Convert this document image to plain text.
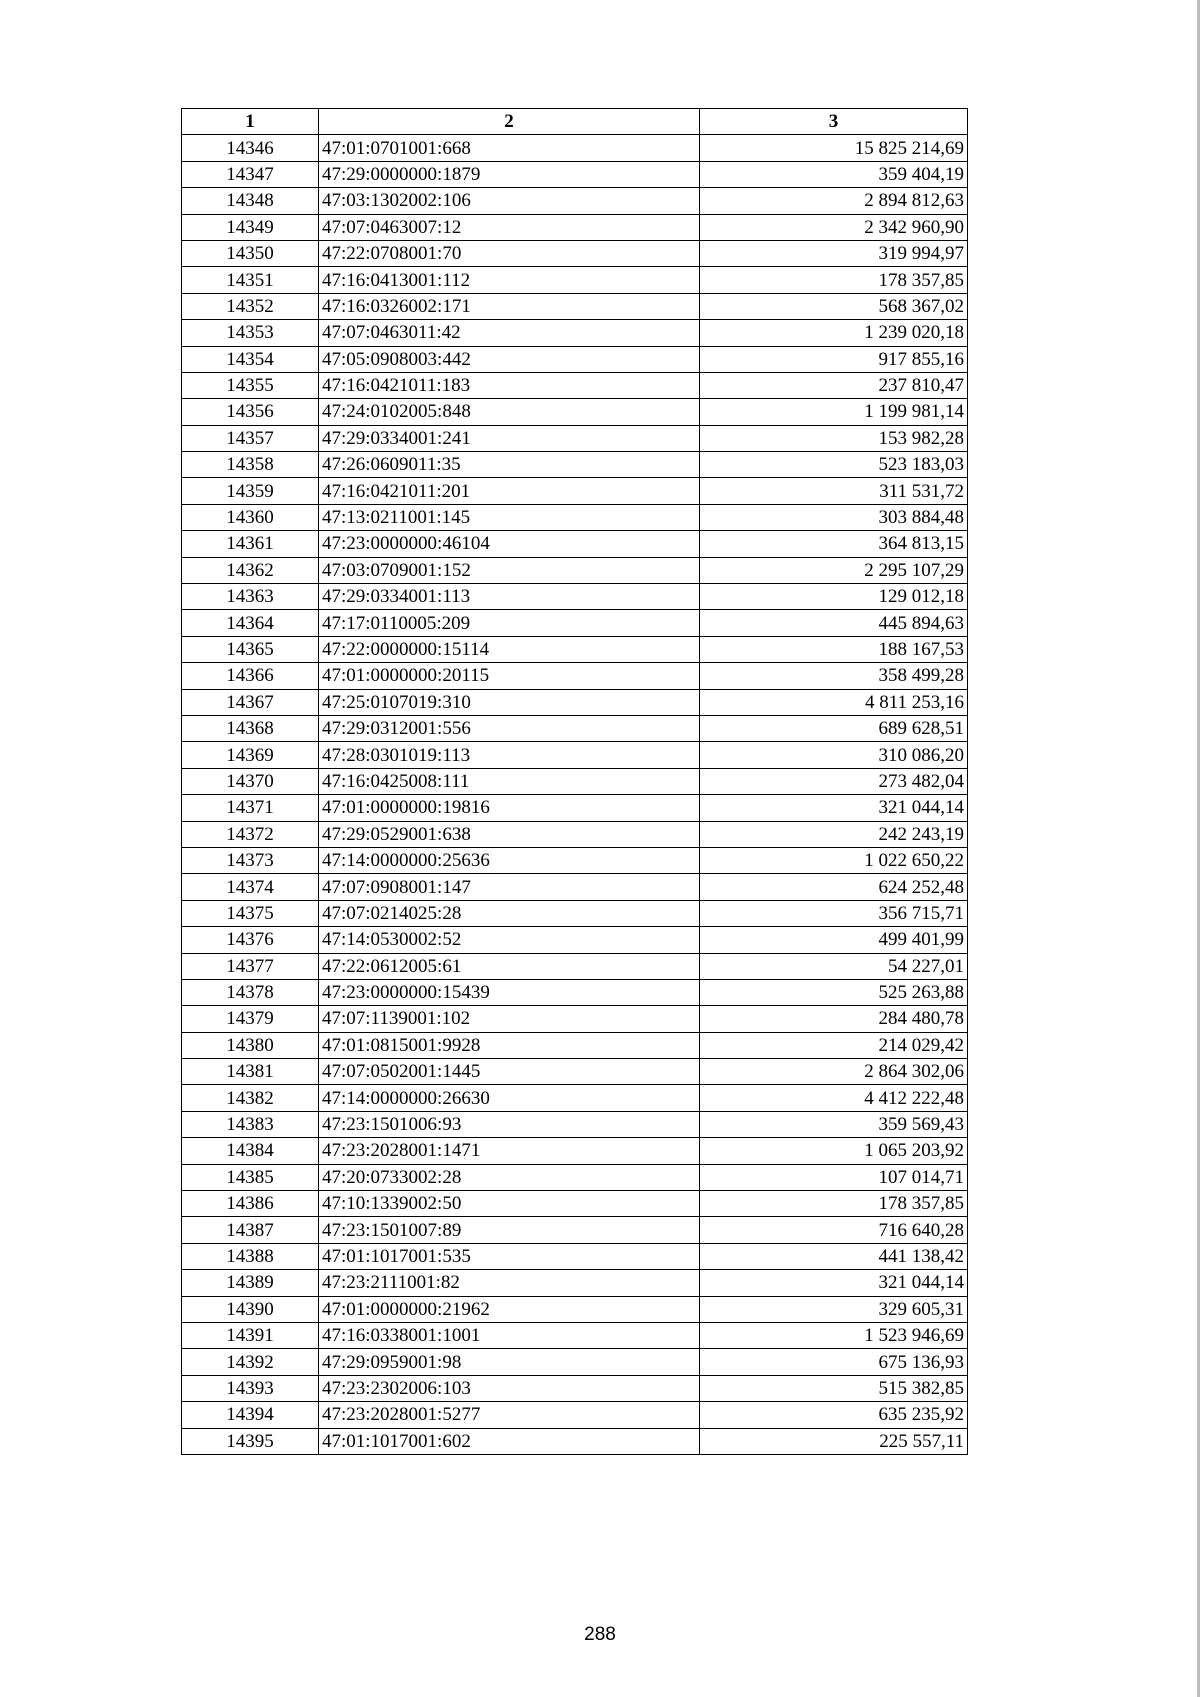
1	2	3
14346	47:01:0701001:668	15 825 214,69
14347	47:29:0000000:1879	359 404,19
14348	47:03:1302002:106	2 894 812,63
14349	47:07:0463007:12	2 342 960,90
14350	47:22:0708001:70	319 994,97
14351	47:16:0413001:112	178 357,85
14352	47:16:0326002:171	568 367,02
14353	47:07:0463011:42	1 239 020,18
14354	47:05:0908003:442	917 855,16
14355	47:16:0421011:183	237 810,47
14356	47:24:0102005:848	1 199 981,14
14357	47:29:0334001:241	153 982,28
14358	47:26:0609011:35	523 183,03
14359	47:16:0421011:201	311 531,72
14360	47:13:0211001:145	303 884,48
14361	47:23:0000000:46104	364 813,15
14362	47:03:0709001:152	2 295 107,29
14363	47:29:0334001:113	129 012,18
14364	47:17:0110005:209	445 894,63
14365	47:22:0000000:15114	188 167,53
14366	47:01:0000000:20115	358 499,28
14367	47:25:0107019:310	4 811 253,16
14368	47:29:0312001:556	689 628,51
14369	47:28:0301019:113	310 086,20
14370	47:16:0425008:111	273 482,04
14371	47:01:0000000:19816	321 044,14
14372	47:29:0529001:638	242 243,19
14373	47:14:0000000:25636	1 022 650,22
14374	47:07:0908001:147	624 252,48
14375	47:07:0214025:28	356 715,71
14376	47:14:0530002:52	499 401,99
14377	47:22:0612005:61	54 227,01
14378	47:23:0000000:15439	525 263,88
14379	47:07:1139001:102	284 480,78
14380	47:01:0815001:9928	214 029,42
14381	47:07:0502001:1445	2 864 302,06
14382	47:14:0000000:26630	4 412 222,48
14383	47:23:1501006:93	359 569,43
14384	47:23:2028001:1471	1 065 203,92
14385	47:20:0733002:28	107 014,71
14386	47:10:1339002:50	178 357,85
14387	47:23:1501007:89	716 640,28
14388	47:01:1017001:535	441 138,42
14389	47:23:2111001:82	321 044,14
14390	47:01:0000000:21962	329 605,31
14391	47:16:0338001:1001	1 523 946,69
14392	47:29:0959001:98	675 136,93
14393	47:23:2302006:103	515 382,85
14394	47:23:2028001:5277	635 235,92
14395	47:01:1017001:602	225 557,11
288
